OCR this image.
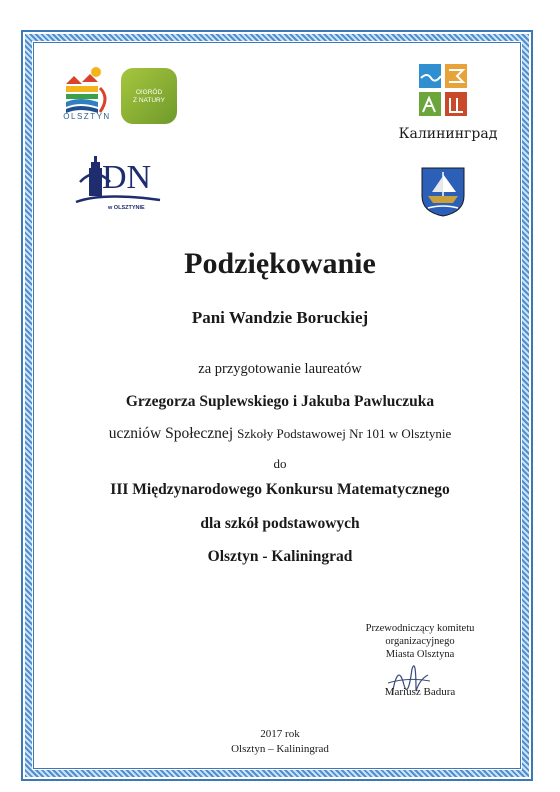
OLSZTYN
O!GRÓD
Z NATURY
DN
w OLSZTYNIE
Калининград
Podziękowanie
Pani Wandzie Boruckiej
za przygotowanie laureatów
Grzegorza Suplewskiego i Jakuba Pawluczuka
uczniów Społecznej Szkoły Podstawowej Nr 101 w Olsztynie
do
III Międzynarodowego Konkursu Matematycznego
dla szkół podstawowych
Olsztyn - Kaliningrad
Przewodniczący komitetu
organizacyjnego
Miasta Olsztyna
Mariusz Badura
2017 rok
Olsztyn – Kaliningrad
